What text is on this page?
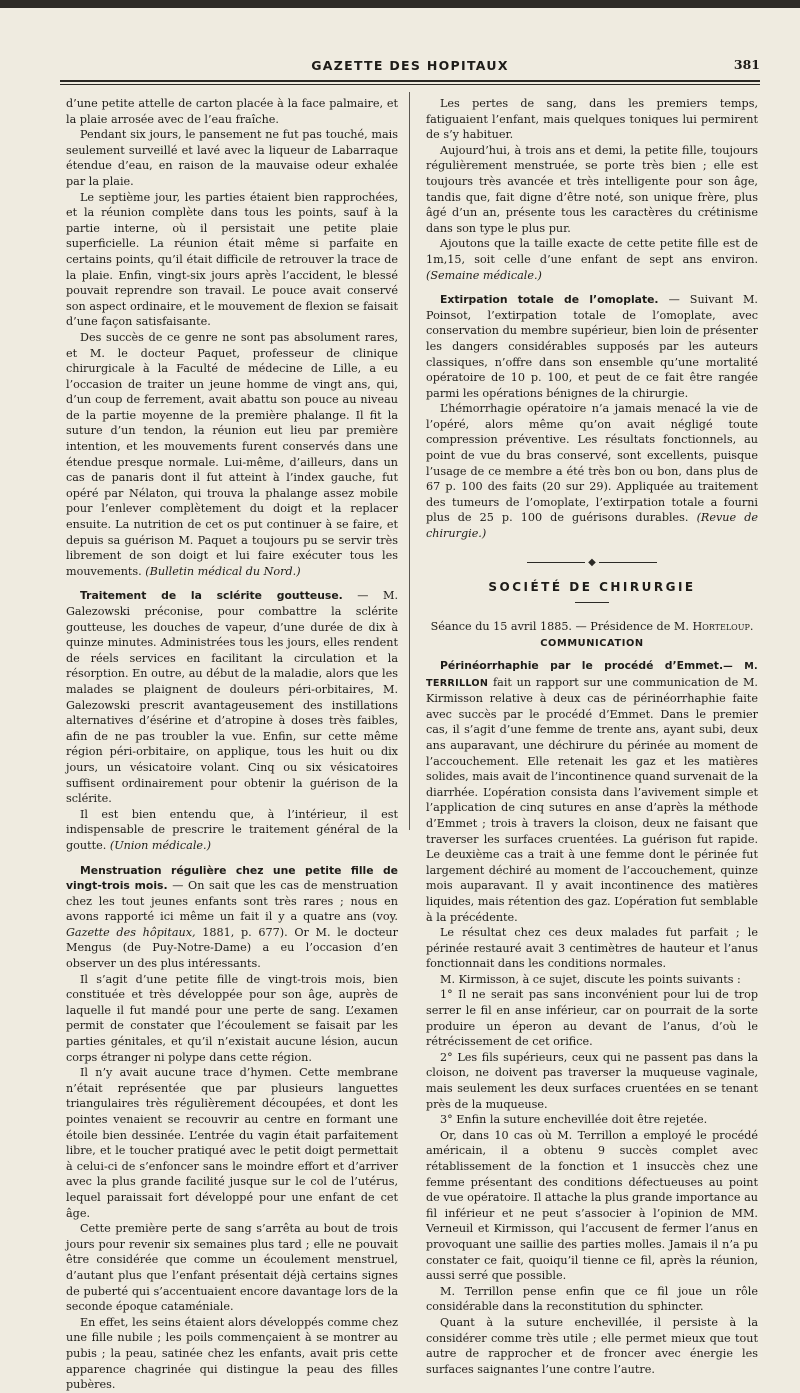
GAZETTE DES HOPITAUX	381

d’une petite attelle de carton placée à la face palmaire, et la plaie arrosée avec de l’eau fraîche.

Pendant six jours, le pansement ne fut pas touché, mais seulement surveillé et lavé avec la liqueur de Labarraque étendue d’eau, en raison de la mauvaise odeur exhalée par la plaie.

Le septième jour, les parties étaient bien rapprochées, et la réunion complète dans tous les points, sauf à la partie interne, où il persistait une petite plaie superficielle. La réunion était même si parfaite en certains points, qu’il était difficile de retrouver la trace de la plaie. Enfin, vingt-six jours après l’accident, le blessé pouvait reprendre son travail. Le pouce avait conservé son aspect ordinaire, et le mouvement de flexion se faisait d’une façon satisfaisante.

Des succès de ce genre ne sont pas absolument rares, et M. le docteur Paquet, professeur de clinique chirurgicale à la Faculté de médecine de Lille, a eu l’occasion de traiter un jeune homme de vingt ans, qui, d’un coup de ferrement, avait abattu son pouce au niveau de la partie moyenne de la première phalange. Il fit la suture d’un tendon, la réunion eut lieu par première intention, et les mouvements furent conservés dans une étendue presque normale. Lui-même, d’ailleurs, dans un cas de panaris dont il fut atteint à l’index gauche, fut opéré par Nélaton, qui trouva la phalange assez mobile pour l’enlever complètement du doigt et la replacer ensuite. La nutrition de cet os put continuer à se faire, et depuis sa guérison M. Paquet a toujours pu se servir très librement de son doigt et lui faire exécuter tous les mouvements. (Bulletin médical du Nord.)

Traitement de la sclérite goutteuse. — M. Galezowski préconise, pour combattre la sclérite goutteuse, les douches de vapeur, d’une durée de dix à quinze minutes. Administrées tous les jours, elles rendent de réels services en facilitant la circulation et la résorption. En outre, au début de la maladie, alors que les malades se plaignent de douleurs péri-orbitaires, M. Galezowski prescrit avantageusement des instillations alternatives d’ésérine et d’atropine à doses très faibles, afin de ne pas troubler la vue. Enfin, sur cette même région péri-orbitaire, on applique, tous les huit ou dix jours, un vésicatoire volant. Cinq ou six vésicatoires suffisent ordinairement pour obtenir la guérison de la sclérite.

Il est bien entendu que, à l’intérieur, il est indispensable de prescrire le traitement général de la goutte. (Union médicale.)

Menstruation régulière chez une petite fille de vingt-trois mois. — On sait que les cas de menstruation chez les tout jeunes enfants sont très rares ; nous en avons rapporté ici même un fait il y a quatre ans (voy. Gazette des hôpitaux, 1881, p. 677). Or M. le docteur Mengus (de Puy-Notre-Dame) a eu l’occasion d’en observer un des plus intéressants.

Il s’agit d’une petite fille de vingt-trois mois, bien constituée et très développée pour son âge, auprès de laquelle il fut mandé pour une perte de sang. L’examen permit de constater que l’écoulement se faisait par les parties génitales, et qu’il n’existait aucune lésion, aucun corps étranger ni polype dans cette région.

Il n’y avait aucune trace d’hymen. Cette membrane n’était représentée que par plusieurs languettes triangulaires très régulièrement découpées, et dont les pointes venaient se recouvrir au centre en formant une étoile bien dessinée. L’entrée du vagin était parfaitement libre, et le toucher pratiqué avec le petit doigt permettait à celui-ci de s’enfoncer sans le moindre effort et d’arriver avec la plus grande facilité jusque sur le col de l’utérus, lequel paraissait fort développé pour une enfant de cet âge.

Cette première perte de sang s’arrêta au bout de trois jours pour revenir six semaines plus tard ; elle ne pouvait être considérée que comme un écoulement menstruel, d’autant plus que l’enfant présentait déjà certains signes de puberté qui s’accentuaient encore davantage lors de la seconde époque cataméniale.

En effet, les seins étaient alors développés comme chez une fille nubile ; les poils commençaient à se montrer au pubis ; la peau, satinée chez les enfants, avait pris cette apparence chagrinée qui distingue la peau des filles pubères.

Les pertes de sang, dans les premiers temps, fatiguaient l’enfant, mais quelques toniques lui permirent de s’y habituer.

Aujourd’hui, à trois ans et demi, la petite fille, toujours régulièrement menstruée, se porte très bien ; elle est toujours très avancée et très intelligente pour son âge, tandis que, fait digne d’être noté, son unique frère, plus âgé d’un an, présente tous les caractères du crétinisme dans son type le plus pur.

Ajoutons que la taille exacte de cette petite fille est de 1m,15, soit celle d’une enfant de sept ans environ. (Semaine médicale.)

Extirpation totale de l’omoplate. — Suivant M. Poinsot, l’extirpation totale de l’omoplate, avec conservation du membre supérieur, bien loin de présenter les dangers considérables supposés par les auteurs classiques, n’offre dans son ensemble qu’une mortalité opératoire de 10 p. 100, et peut de ce fait être rangée parmi les opérations bénignes de la chirurgie.

L’hémorrhagie opératoire n’a jamais menacé la vie de l’opéré, alors même qu’on avait négligé toute compression préventive. Les résultats fonctionnels, au point de vue du bras conservé, sont excellents, puisque l’usage de ce membre a été très bon ou bon, dans plus de 67 p. 100 des faits (20 sur 29). Appliquée au traitement des tumeurs de l’omoplate, l’extirpation totale a fourni plus de 25 p. 100 de guérisons durables. (Revue de chirurgie.)

◆
SOCIÉTÉ DE CHIRURGIE

Séance du 15 avril 1885. — Présidence de M. Horteloup.

COMMUNICATION

Périnéorrhaphie par le procédé d’Emmet.— M. TERRILLON fait un rapport sur une communication de M. Kirmisson relative à deux cas de périnéorrhaphie faite avec succès par le procédé d’Emmet. Dans le premier cas, il s’agit d’une femme de trente ans, ayant subi, deux ans auparavant, une déchirure du périnée au moment de l’accouchement. Elle retenait les gaz et les matières solides, mais avait de l’incontinence quand survenait de la diarrhée. L’opération consista dans l’avivement simple et l’application de cinq sutures en anse d’après la méthode d’Emmet ; trois à travers la cloison, deux ne faisant que traverser les surfaces cruentées. La guérison fut rapide. Le deuxième cas a trait à une femme dont le périnée fut largement déchiré au moment de l’accouchement, quinze mois auparavant. Il y avait incontinence des matières liquides, mais rétention des gaz. L’opération fut semblable à la précédente.

Le résultat chez ces deux malades fut parfait ; le périnée restauré avait 3 centimètres de hauteur et l’anus fonctionnait dans les conditions normales.

M. Kirmisson, à ce sujet, discute les points suivants :

1° Il ne serait pas sans inconvénient pour lui de trop serrer le fil en anse inférieur, car on pourrait de la sorte produire un éperon au devant de l’anus, d’où le rétrécissement de cet orifice.

2° Les fils supérieurs, ceux qui ne passent pas dans la cloison, ne doivent pas traverser la muqueuse vaginale, mais seulement les deux surfaces cruentées en se tenant près de la muqueuse.

3° Enfin la suture enchevillée doit être rejetée.

Or, dans 10 cas où M. Terrillon a employé le procédé américain, il a obtenu 9 succès complet avec rétablissement de la fonction et 1 insuccès chez une femme présentant des conditions défectueuses au point de vue opératoire. Il attache la plus grande importance au fil inférieur et ne peut s’associer à l’opinion de MM. Verneuil et Kirmisson, qui l’accusent de fermer l’anus en provoquant une saillie des parties molles. Jamais il n’a pu constater ce fait, quoiqu’il tienne ce fil, après la réunion, aussi serré que possible.

M. Terrillon pense enfin que ce fil joue un rôle considérable dans la reconstitution du sphincter.

Quant à la suture enchevillée, il persiste à la considérer comme très utile ; elle permet mieux que tout autre de rapprocher et de froncer avec énergie les surfaces saignantes l’une contre l’autre.
